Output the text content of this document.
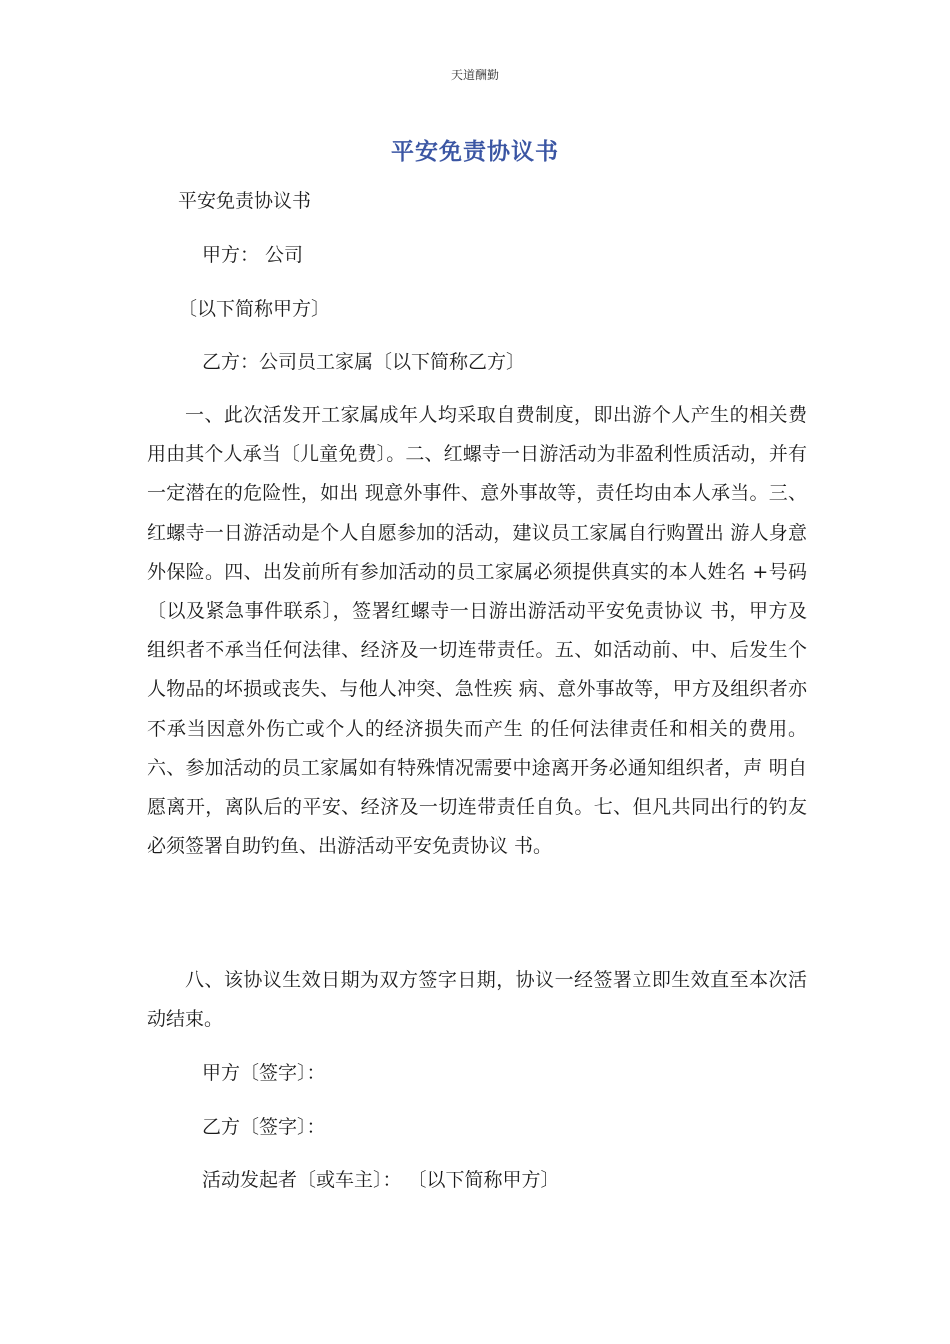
天道酬勤
平安免责协议书
平安免责协议书
甲方： 公司
〔以下简称甲方〕
乙方：公司员工家属〔以下简称乙方〕

一、此次活发开工家属成年人均采取自费制度，即出游个人产生的相关费 用由其个人承当〔儿童免费〕。二、红螺寺一日游活动为非盈利性质活动，并有一定潜在的危险性，如出 现意外事件、意外事故等，责任均由本人承当。三、红螺寺一日游活动是个人自愿参加的活动，建议员工家属自行购置出 游人身意外保险。四、出发前所有参加活动的员工家属必须提供真实的本人姓名 +号码 〔以及紧急事件联系〕，签署红螺寺一日游出游活动平安免责协议 书，甲方及组织者不承当任何法律、经济及一切连带责任。五、如活动前、中、后发生个人物品的坏损或丧失、与他人冲突、急性疾 病、意外事故等，甲方及组织者亦不承当因意外伤亡或个人的经济损失而产生 的任何法律责任和相关的费用。六、参加活动的员工家属如有特殊情况需要中途离开务必通知组织者，声 明自愿离开，离队后的平安、经济及一切连带责任自负。七、但凡共同出行的钓友必须签署自助钓鱼、出游活动平安免责协议 书。

八、该协议生效日期为双方签字日期，协议一经签署立即生效直至本次活 动结束。

甲方〔签字〕：
乙方〔签字〕：
活动发起者〔或车主〕： 〔以下简称甲方〕
